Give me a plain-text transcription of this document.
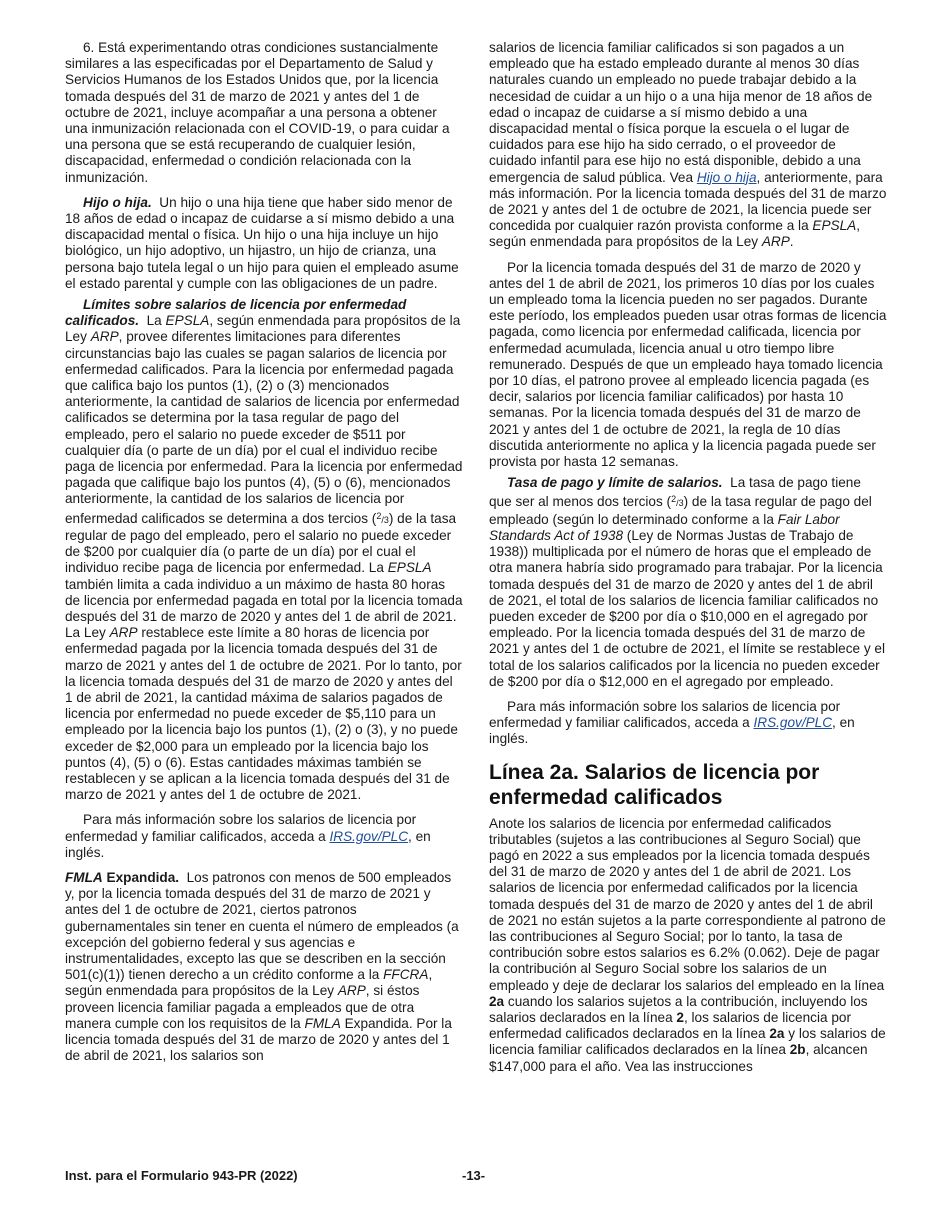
6. Está experimentando otras condiciones sustancialmente similares a las especificadas por el Departamento de Salud y Servicios Humanos de los Estados Unidos que, por la licencia tomada después del 31 de marzo de 2021 y antes del 1 de octubre de 2021, incluye acompañar a una persona a obtener una inmunización relacionada con el COVID-19, o para cuidar a una persona que se está recuperando de cualquier lesión, discapacidad, enfermedad o condición relacionada con la inmunización.

Hijo o hija. Un hijo o una hija tiene que haber sido menor de 18 años de edad o incapaz de cuidarse a sí mismo debido a una discapacidad mental o física. Un hijo o una hija incluye un hijo biológico, un hijo adoptivo, un hijastro, un hijo de crianza, una persona bajo tutela legal o un hijo para quien el empleado asume el estado parental y cumple con las obligaciones de un padre.

Límites sobre salarios de licencia por enfermedad calificados. La EPSLA, según enmendada para propósitos de la Ley ARP, provee diferentes limitaciones para diferentes circunstancias bajo las cuales se pagan salarios de licencia por enfermedad calificados. Para la licencia por enfermedad pagada que califica bajo los puntos (1), (2) o (3) mencionados anteriormente, la cantidad de salarios de licencia por enfermedad calificados se determina por la tasa regular de pago del empleado, pero el salario no puede exceder de $511 por cualquier día (o parte de un día) por el cual el individuo recibe paga de licencia por enfermedad. Para la licencia por enfermedad pagada que califique bajo los puntos (4), (5) o (6), mencionados anteriormente, la cantidad de los salarios de licencia por enfermedad calificados se determina a dos tercios ($^2$/3) de la tasa regular de pago del empleado, pero el salario no puede exceder de $200 por cualquier día (o parte de un día) por el cual el individuo recibe paga de licencia por enfermedad. La EPSLA también limita a cada individuo a un máximo de hasta 80 horas de licencia por enfermedad pagada en total por la licencia tomada después del 31 de marzo de 2020 y antes del 1 de abril de 2021. La Ley ARP restablece este límite a 80 horas de licencia por enfermedad pagada por la licencia tomada después del 31 de marzo de 2021 y antes del 1 de octubre de 2021. Por lo tanto, por la licencia tomada después del 31 de marzo de 2020 y antes del 1 de abril de 2021, la cantidad máxima de salarios pagados de licencia por enfermedad no puede exceder de $5,110 para un empleado por la licencia bajo los puntos (1), (2) o (3), y no puede exceder de $2,000 para un empleado por la licencia bajo los puntos (4), (5) o (6). Estas cantidades máximas también se restablecen y se aplican a la licencia tomada después del 31 de marzo de 2021 y antes del 1 de octubre de 2021.

Para más información sobre los salarios de licencia por enfermedad y familiar calificados, acceda a IRS.gov/PLC, en inglés.

FMLA Expandida. Los patronos con menos de 500 empleados y, por la licencia tomada después del 31 de marzo de 2021 y antes del 1 de octubre de 2021, ciertos patronos gubernamentales sin tener en cuenta el número de empleados (a excepción del gobierno federal y sus agencias e instrumentalidades, excepto las que se describen en la sección 501(c)(1)) tienen derecho a un crédito conforme a la FFCRA, según enmendada para propósitos de la Ley ARP, si éstos proveen licencia familiar pagada a empleados que de otra manera cumple con los requisitos de la FMLA Expandida. Por la licencia tomada después del 31 de marzo de 2020 y antes del 1 de abril de 2021, los salarios son

salarios de licencia familiar calificados si son pagados a un empleado que ha estado empleado durante al menos 30 días naturales cuando un empleado no puede trabajar debido a la necesidad de cuidar a un hijo o a una hija menor de 18 años de edad o incapaz de cuidarse a sí mismo debido a una discapacidad mental o física porque la escuela o el lugar de cuidados para ese hijo ha sido cerrado, o el proveedor de cuidado infantil para ese hijo no está disponible, debido a una emergencia de salud pública. Vea Hijo o hija, anteriormente, para más información. Por la licencia tomada después del 31 de marzo de 2021 y antes del 1 de octubre de 2021, la licencia puede ser concedida por cualquier razón provista conforme a la EPSLA, según enmendada para propósitos de la Ley ARP.

Por la licencia tomada después del 31 de marzo de 2020 y antes del 1 de abril de 2021, los primeros 10 días por los cuales un empleado toma la licencia pueden no ser pagados. Durante este período, los empleados pueden usar otras formas de licencia pagada, como licencia por enfermedad calificada, licencia por enfermedad acumulada, licencia anual u otro tiempo libre remunerado. Después de que un empleado haya tomado licencia por 10 días, el patrono provee al empleado licencia pagada (es decir, salarios por licencia familiar calificados) por hasta 10 semanas. Por la licencia tomada después del 31 de marzo de 2021 y antes del 1 de octubre de 2021, la regla de 10 días discutida anteriormente no aplica y la licencia pagada puede ser provista por hasta 12 semanas.

Tasa de pago y límite de salarios. La tasa de pago tiene que ser al menos dos tercios ($^2$/3) de la tasa regular de pago del empleado (según lo determinado conforme a la Fair Labor Standards Act of 1938 (Ley de Normas Justas de Trabajo de 1938)) multiplicada por el número de horas que el empleado de otra manera habría sido programado para trabajar. Por la licencia tomada después del 31 de marzo de 2020 y antes del 1 de abril de 2021, el total de los salarios de licencia familiar calificados no pueden exceder de $200 por día o $10,000 en el agregado por empleado. Por la licencia tomada después del 31 de marzo de 2021 y antes del 1 de octubre de 2021, el límite se restablece y el total de los salarios calificados por la licencia no pueden exceder de $200 por día o $12,000 en el agregado por empleado.

Para más información sobre los salarios de licencia por enfermedad y familiar calificados, acceda a IRS.gov/PLC, en inglés.

Línea 2a. Salarios de licencia por enfermedad calificados

Anote los salarios de licencia por enfermedad calificados tributables (sujetos a las contribuciones al Seguro Social) que pagó en 2022 a sus empleados por la licencia tomada después del 31 de marzo de 2020 y antes del 1 de abril de 2021. Los salarios de licencia por enfermedad calificados por la licencia tomada después del 31 de marzo de 2020 y antes del 1 de abril de 2021 no están sujetos a la parte correspondiente al patrono de las contribuciones al Seguro Social; por lo tanto, la tasa de contribución sobre estos salarios es 6.2% (0.062). Deje de pagar la contribución al Seguro Social sobre los salarios de un empleado y deje de declarar los salarios del empleado en la línea 2a cuando los salarios sujetos a la contribución, incluyendo los salarios declarados en la línea 2, los salarios de licencia por enfermedad calificados declarados en la línea 2a y los salarios de licencia familiar calificados declarados en la línea 2b, alcancen $147,000 para el año. Vea las instrucciones

Inst. para el Formulario 943-PR (2022)	-13-
